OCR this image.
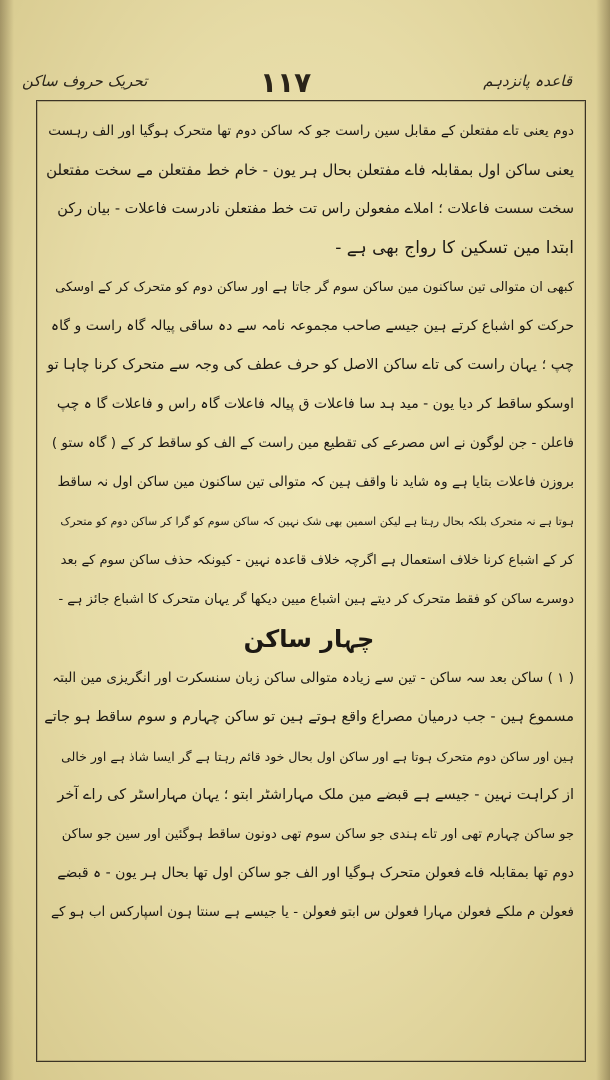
قاعدہ پانزدہم
۱۱۷
تحریک حروف ساکن
دوم یعنی تاے مفتعلن کے مقابل سین راست جو کہ ساکن دوم تھا متحرک ہوگیا اور الف رہست
یعنی ساکن اول بمقابلہ فاے مفتعلن بحال ہر یون - خام خط مفتعلن مے سخت مفتعلن
سخت سست فاعلات ؛ املاے مفعولن راس تت خط مفتعلن نادرست فاعلات - بیان رکن
ابتدا مین تسکین کا رواج بھی ہے -
کبھی ان متوالی تین ساکنون مین ساکن سوم گر جاتا ہے اور ساکن دوم کو متحرک کر کے اوسکی
حرکت کو اشباع کرتے ہین جیسے صاحب مجموعہ نامہ سے دہ ساقی پیالہ گاہ راست و گاہ
چپ ؛ یہان راست کی تاے ساکن الاصل کو حرف عطف کی وجہ سے متحرک کرنا چاہا تو
اوسکو ساقط کر دیا یون - مید ہد سا فاعلات ق پیالہ فاعلات گاہ راس و فاعلات گا ہ چپ
فاعلن - جن لوگون نے اس مصرعے کی تقطیع مین راست کے الف کو ساقط کر کے ( گاہ ستو )
بروزن فاعلات بتایا ہے وہ شاید نا واقف ہین کہ متوالی تین ساکنون مین ساکن اول نہ ساقط
ہوتا ہے نہ متحرک بلکہ بحال رہتا ہے لیکن اسمین بھی شک نہین کہ ساکن سوم کو گرا کر ساکن دوم کو متحرک
کر کے اشباع کرنا خلاف استعمال ہے اگرچہ خلاف قاعدہ نہین - کیونکہ حذف ساکن سوم کے بعد
دوسرے ساکن کو فقط متحرک کر دیتے ہین اشباع میین دیکھا گر یہان متحرک کا اشباع جائز ہے -
چہار ساکن
( ۱ ) ساکن بعد سہ ساکن - تین سے زیادہ متوالی ساکن زبان سنسکرت اور انگریزی مین البتہ
مسموع ہین - جب درمیان مصراع واقع ہوتے ہین تو ساکن چہارم و سوم ساقط ہو جاتے
ہین اور ساکن دوم متحرک ہوتا ہے اور ساکن اول بحال خود قائم رہتا ہے گر ایسا شاذ ہے اور خالی
از کراہت نہین - جیسے ہے قبضے مین ملک مہاراشٹر ابتو ؛ یہان مہاراسٹر کی راے آخر
جو ساکن چہارم تھی اور تاے ہندی جو ساکن سوم تھی دونون ساقط ہوگئین اور سین جو ساکن
دوم تھا بمقابلہ فاے فعولن متحرک ہوگیا اور الف جو ساکن اول تھا بحال ہر یون - ہ قبضے
فعولن م ملکے فعولن مہارا فعولن س ابتو فعولن - یا جیسے ہے سنتا ہون اسپارکس اب ہو کے
